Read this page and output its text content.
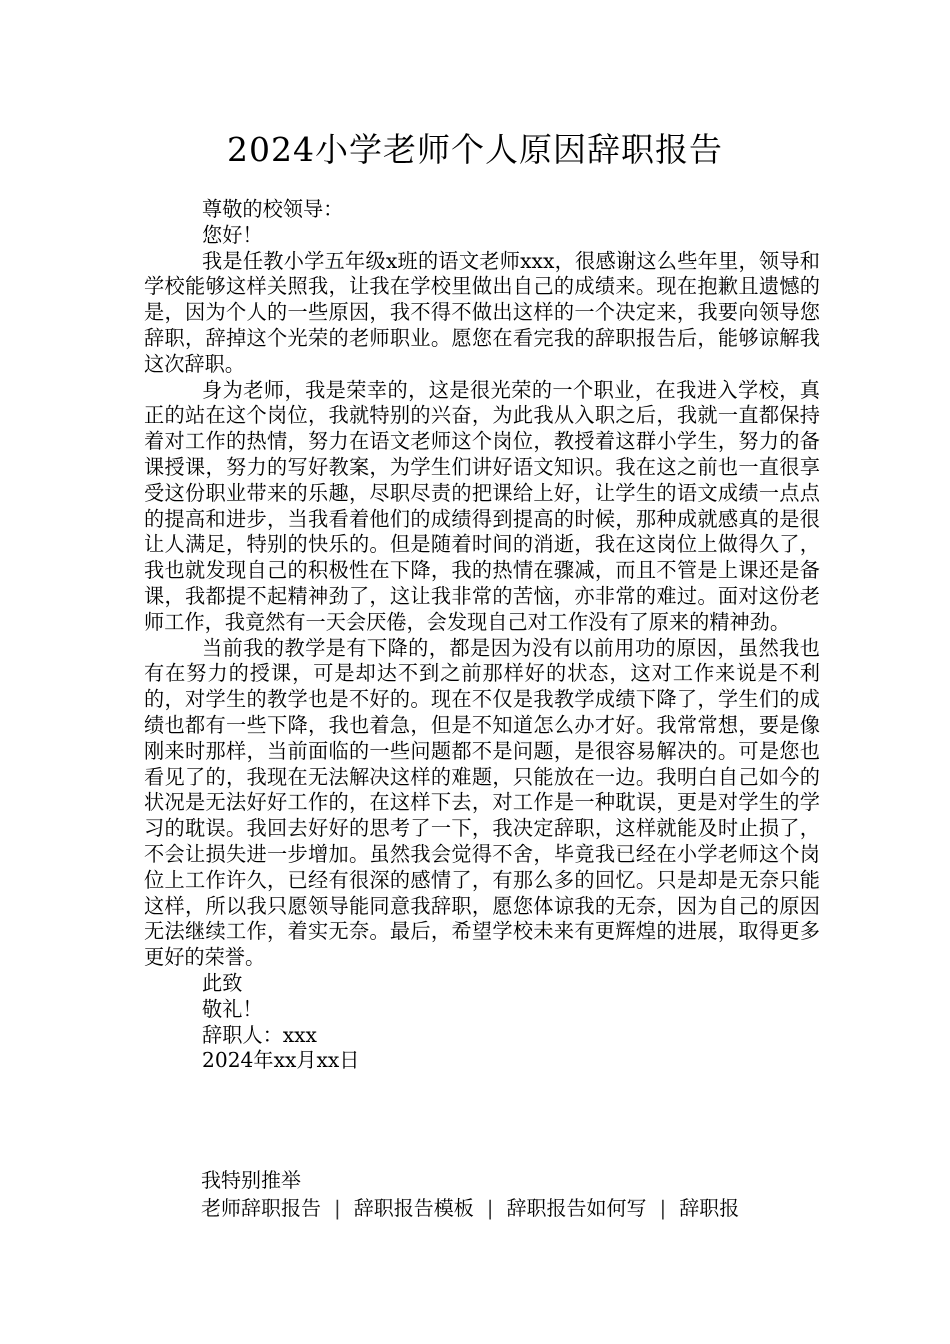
2024小学老师个人原因辞职报告

尊敬的校领导：

您好！

我是任教小学五年级x班的语文老师xxx，很感谢这么些年里，领导和学校能够这样关照我，让我在学校里做出自己的成绩来。现在抱歉且遗憾的是，因为个人的一些原因，我不得不做出这样的一个决定来，我要向领导您辞职，辞掉这个光荣的老师职业。愿您在看完我的辞职报告后，能够谅解我这次辞职。

身为老师，我是荣幸的，这是很光荣的一个职业，在我进入学校，真正的站在这个岗位，我就特别的兴奋，为此我从入职之后，我就一直都保持着对工作的热情，努力在语文老师这个岗位，教授着这群小学生，努力的备课授课，努力的写好教案，为学生们讲好语文知识。我在这之前也一直很享受这份职业带来的乐趣，尽职尽责的把课给上好，让学生的语文成绩一点点的提高和进步，当我看着他们的成绩得到提高的时候，那种成就感真的是很让人满足，特别的快乐的。但是随着时间的消逝，我在这岗位上做得久了，我也就发现自己的积极性在下降，我的热情在骤减，而且不管是上课还是备课，我都提不起精神劲了，这让我非常的苦恼，亦非常的难过。面对这份老师工作，我竟然有一天会厌倦，会发现自己对工作没有了原来的精神劲。

当前我的教学是有下降的，都是因为没有以前用功的原因，虽然我也有在努力的授课，可是却达不到之前那样好的状态，这对工作来说是不利的，对学生的教学也是不好的。现在不仅是我教学成绩下降了，学生们的成绩也都有一些下降，我也着急，但是不知道怎么办才好。我常常想，要是像刚来时那样，当前面临的一些问题都不是问题，是很容易解决的。可是您也看见了的，我现在无法解决这样的难题，只能放在一边。我明白自己如今的状况是无法好好工作的，在这样下去，对工作是一种耽误，更是对学生的学习的耽误。我回去好好的思考了一下，我决定辞职，这样就能及时止损了，不会让损失进一步增加。虽然我会觉得不舍，毕竟我已经在小学老师这个岗位上工作许久，已经有很深的感情了，有那么多的回忆。只是却是无奈只能这样，所以我只愿领导能同意我辞职，愿您体谅我的无奈，因为自己的原因无法继续工作，着实无奈。最后，希望学校未来有更辉煌的进展，取得更多更好的荣誉。

此致

敬礼！

辞职人：xxx

2024年xx月xx日

我特别推举
老师辞职报告 | 辞职报告模板 | 辞职报告如何写 | 辞职报
